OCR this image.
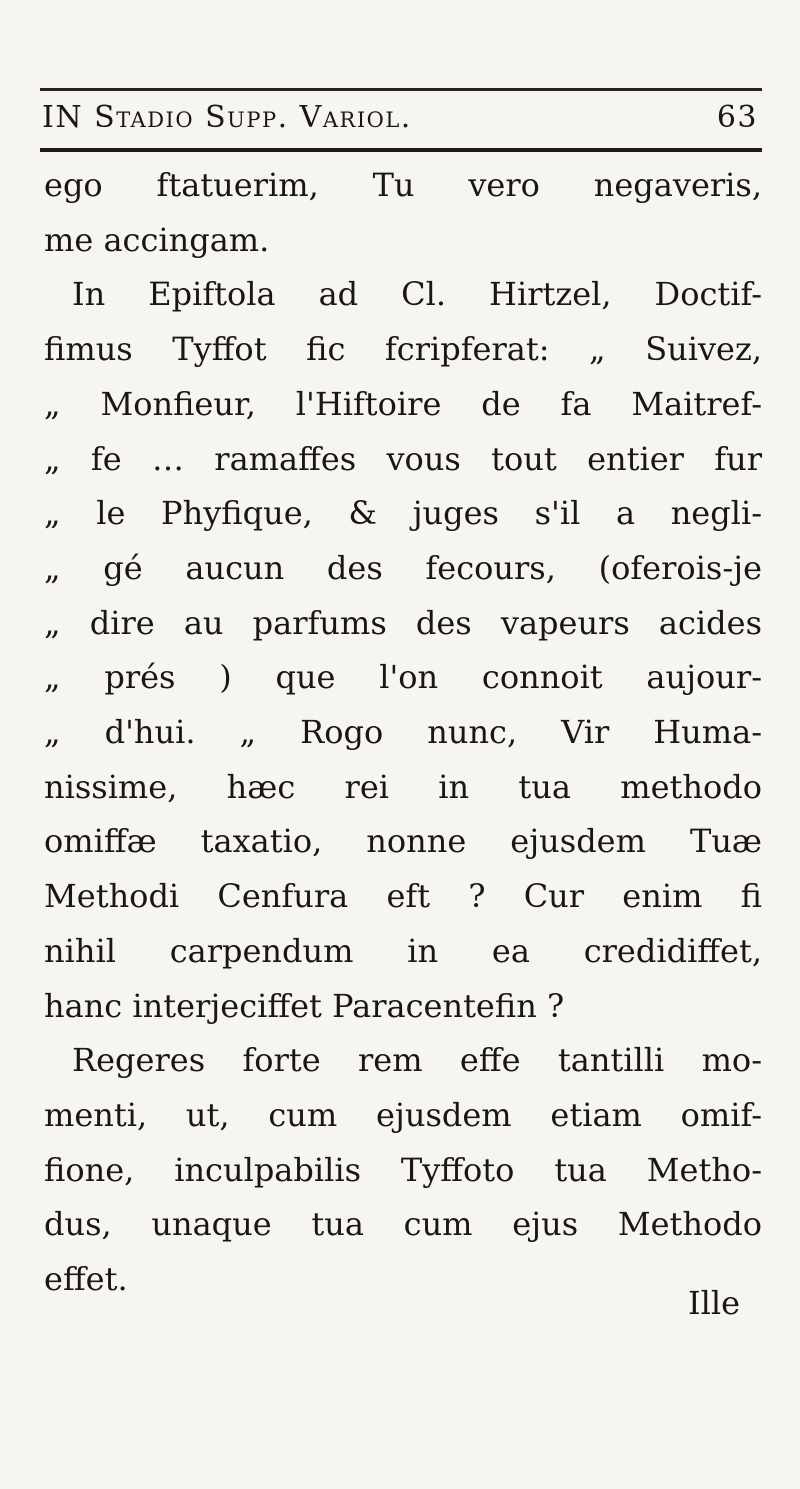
IN Stadio Supp. Variol.	63
ego ftatuerim, Tu vero negaveris,
me accingam.
In Epiftola ad Cl. Hirtzel, Doctif-
fimus Tyffot fic fcripferat: „ Suivez,
„ Monfieur, l'Hiftoire de fa Maitref-
„ fe … ramaffes vous tout entier fur
„ le Phyfique, & juges s'il a negli-
„ gé aucun des fecours, (oferois-je
„ dire au parfums des vapeurs acides
„ prés ) que l'on connoit aujour-
„ d'hui. „ Rogo nunc, Vir Huma-
nissime, hæc rei in tua methodo
omiffæ taxatio, nonne ejusdem Tuæ
Methodi Cenfura eft ? Cur enim fi
nihil carpendum in ea credidiffet,
hanc interjeciffet Paracentefin ?
Regeres forte rem effe tantilli mo-
menti, ut, cum ejusdem etiam omif-
fione, inculpabilis Tyffoto tua Metho-
dus, unaque tua cum ejus Methodo
effet.
Ille
